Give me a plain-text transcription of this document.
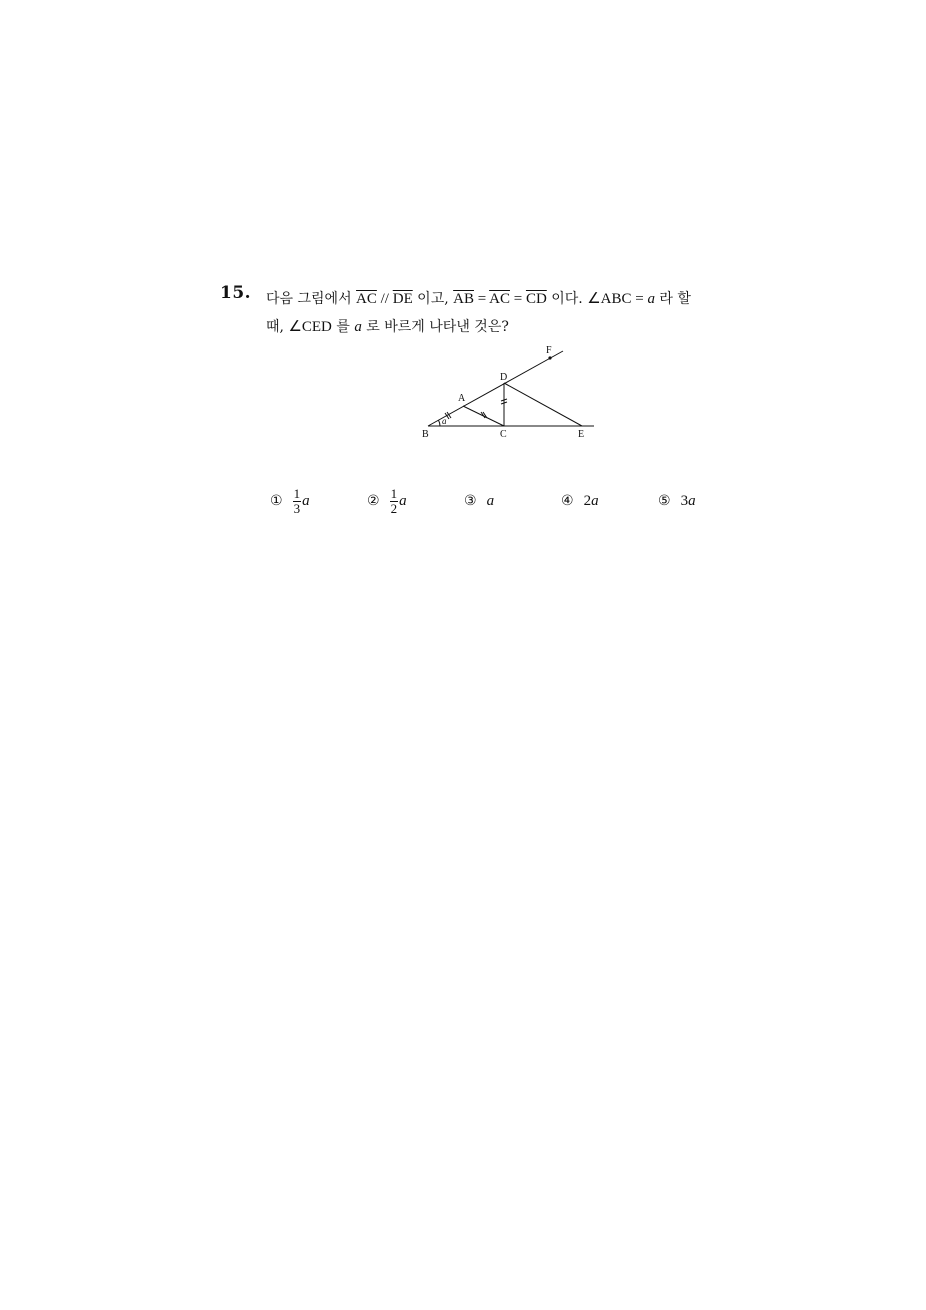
15. 다음 그림에서 $\overline{AC} // \overline{DE}$ 이고, $\overline{AB} = \overline{AC} = \overline{CD}$ 이다. ∠ABC = a 라 할
때, ∠CED 를 a 로 바르게 나타낸 것은?
B
A
C
D
E
F
a
① $\frac{1}{3}$ a	② $\frac{1}{2}$ a	③ a	④ 2 a	⑤ 3 a
